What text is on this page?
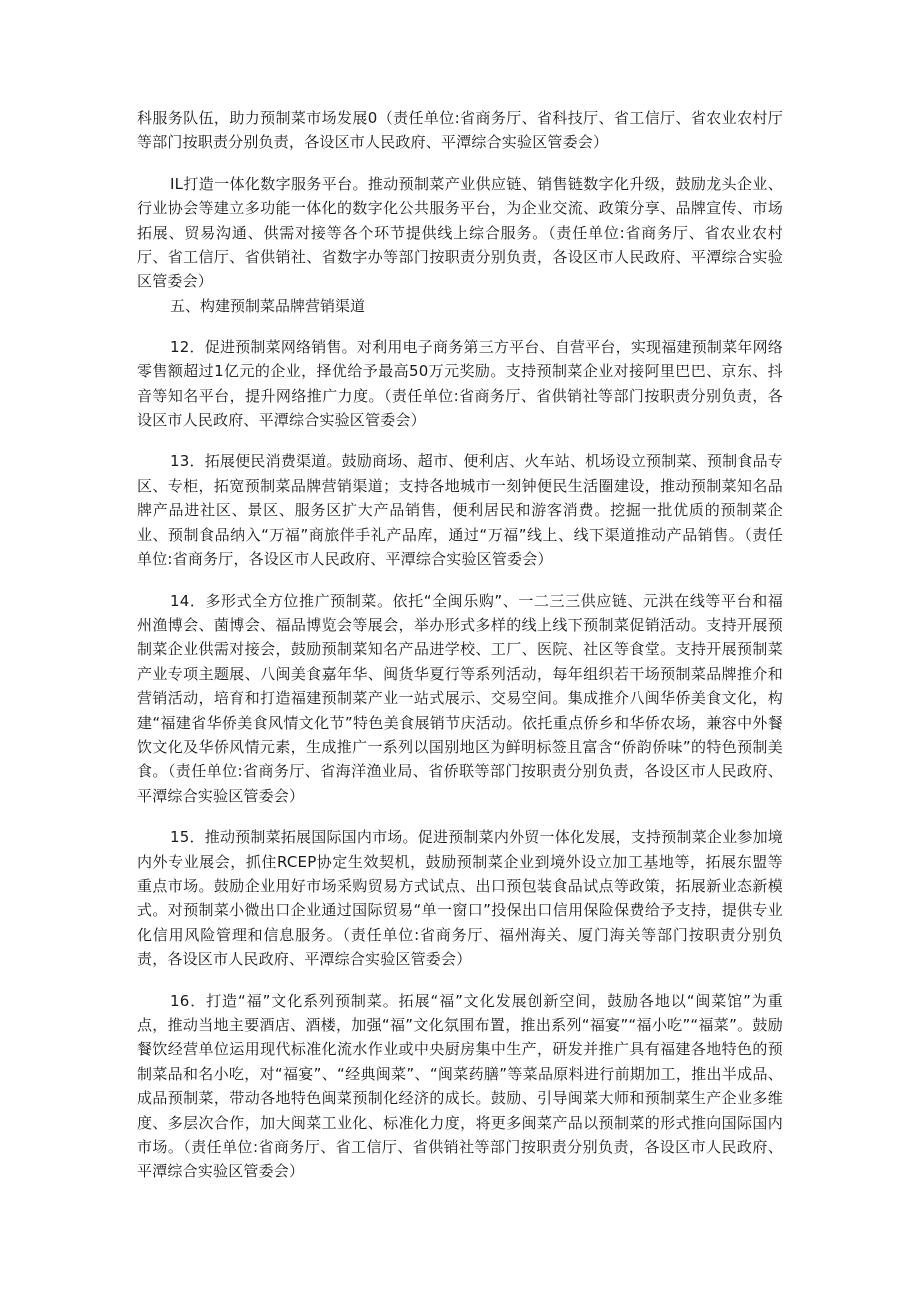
科服务队伍，助力预制菜市场发展0（责任单位:省商务厅、省科技厅、省工信厅、省农业农村厅等部门按职责分别负责，各设区市人民政府、平潭综合实验区管委会）

IL打造一体化数字服务平台。推动预制菜产业供应链、销售链数字化升级，鼓励龙头企业、行业协会等建立多功能一体化的数字化公共服务平台，为企业交流、政策分享、品牌宣传、市场拓展、贸易沟通、供需对接等各个环节提供线上综合服务。（责任单位:省商务厅、省农业农村厅、省工信厅、省供销社、省数字办等部门按职责分别负责，各设区市人民政府、平潭综合实验区管委会）

五、构建预制菜品牌营销渠道

12．促进预制菜网络销售。对利用电子商务第三方平台、自营平台，实现福建预制菜年网络零售额超过1亿元的企业，择优给予最高50万元奖励。支持预制菜企业对接阿里巴巴、京东、抖音等知名平台，提升网络推广力度。（责任单位:省商务厅、省供销社等部门按职责分别负责，各设区市人民政府、平潭综合实验区管委会）

13．拓展便民消费渠道。鼓励商场、超市、便利店、火车站、机场设立预制菜、预制食品专区、专柜，拓宽预制菜品牌营销渠道；支持各地城市一刻钟便民生活圈建设，推动预制菜知名品牌产品进社区、景区、服务区扩大产品销售，便利居民和游客消费。挖掘一批优质的预制菜企业、预制食品纳入“万福”商旅伴手礼产品库，通过“万福”线上、线下渠道推动产品销售。（责任单位:省商务厅，各设区市人民政府、平潭综合实验区管委会）

14．多形式全方位推广预制菜。依托“全闽乐购”、一二三三供应链、元洪在线等平台和福州渔博会、菌博会、福品博览会等展会，举办形式多样的线上线下预制菜促销活动。支持开展预制菜企业供需对接会，鼓励预制菜知名产品进学校、工厂、医院、社区等食堂。支持开展预制菜产业专项主题展、八闽美食嘉年华、闽货华夏行等系列活动，每年组织若干场预制菜品牌推介和营销活动，培育和打造福建预制菜产业一站式展示、交易空间。集成推介八闽华侨美食文化，构建“福建省华侨美食风情文化节”特色美食展销节庆活动。依托重点侨乡和华侨农场，兼容中外餐饮文化及华侨风情元素，生成推广一系列以国别地区为鲜明标签且富含“侨韵侨味”的特色预制美食。（责任单位:省商务厅、省海洋渔业局、省侨联等部门按职责分别负责，各设区市人民政府、平潭综合实验区管委会）

15．推动预制菜拓展国际国内市场。促进预制菜内外贸一体化发展，支持预制菜企业参加境内外专业展会，抓住RCEP协定生效契机，鼓励预制菜企业到境外设立加工基地等，拓展东盟等重点市场。鼓励企业用好市场采购贸易方式试点、出口预包装食品试点等政策，拓展新业态新模式。对预制菜小微出口企业通过国际贸易“单一窗口”投保出口信用保险保费给予支持，提供专业化信用风险管理和信息服务。（责任单位:省商务厅、福州海关、厦门海关等部门按职责分别负责，各设区市人民政府、平潭综合实验区管委会）

16．打造“福”文化系列预制菜。拓展“福”文化发展创新空间，鼓励各地以“闽菜馆”为重点，推动当地主要酒店、酒楼，加强“福”文化氛围布置，推出系列“福宴”“福小吃”“福菜”。鼓励餐饮经营单位运用现代标准化流水作业或中央厨房集中生产，研发并推广具有福建各地特色的预制菜品和名小吃，对“福宴”、“经典闽菜”、“闽菜药膳”等菜品原料进行前期加工，推出半成品、成品预制菜，带动各地特色闽菜预制化经济的成长。鼓励、引导闽菜大师和预制菜生产企业多维度、多层次合作，加大闽菜工业化、标准化力度，将更多闽菜产品以预制菜的形式推向国际国内市场。（责任单位:省商务厅、省工信厅、省供销社等部门按职责分别负责，各设区市人民政府、平潭综合实验区管委会）
